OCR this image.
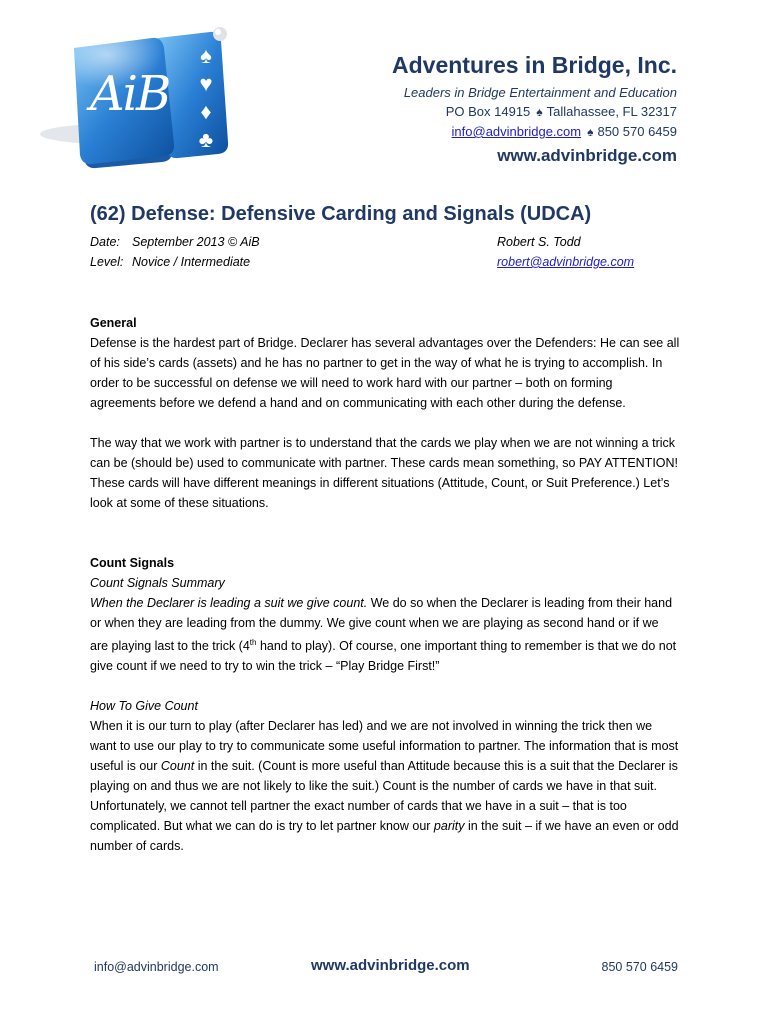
AiB
♠
♥
♦
♣
Adventures in Bridge, Inc.
Leaders in Bridge Entertainment and Education
PO Box 14915 ♠ Tallahassee, FL 32317
info@advinbridge.com ♠ 850 570 6459
www.advinbridge.com
(62) Defense: Defensive Carding and Signals (UDCA)
Date: September 2013 © AiB
Level: Novice / Intermediate
Robert S. Todd
robert@advinbridge.com
General

Defense is the hardest part of Bridge. Declarer has several advantages over the Defenders: He can see all of his side’s cards (assets) and he has no partner to get in the way of what he is trying to accomplish. In order to be successful on defense we will need to work hard with our partner – both on forming agreements before we defend a hand and on communicating with each other during the defense.

The way that we work with partner is to understand that the cards we play when we are not winning a trick can be (should be) used to communicate with partner. These cards mean something, so PAY ATTENTION! These cards will have different meanings in different situations (Attitude, Count, or Suit Preference.) Let’s look at some of these situations.

Count Signals

Count Signals Summary

When the Declarer is leading a suit we give count. We do so when the Declarer is leading from their hand or when they are leading from the dummy. We give count when we are playing as second hand or if we are playing last to the trick (4th hand to play). Of course, one important thing to remember is that we do not give count if we need to try to win the trick – “Play Bridge First!”

How To Give Count

When it is our turn to play (after Declarer has led) and we are not involved in winning the trick then we want to use our play to try to communicate some useful information to partner. The information that is most useful is our Count in the suit. (Count is more useful than Attitude because this is a suit that the Declarer is playing on and thus we are not likely to like the suit.) Count is the number of cards we have in that suit. Unfortunately, we cannot tell partner the exact number of cards that we have in a suit – that is too complicated. But what we can do is try to let partner know our parity in the suit – if we have an even or odd number of cards.

info@advinbridge.com	www.advinbridge.com	850 570 6459
